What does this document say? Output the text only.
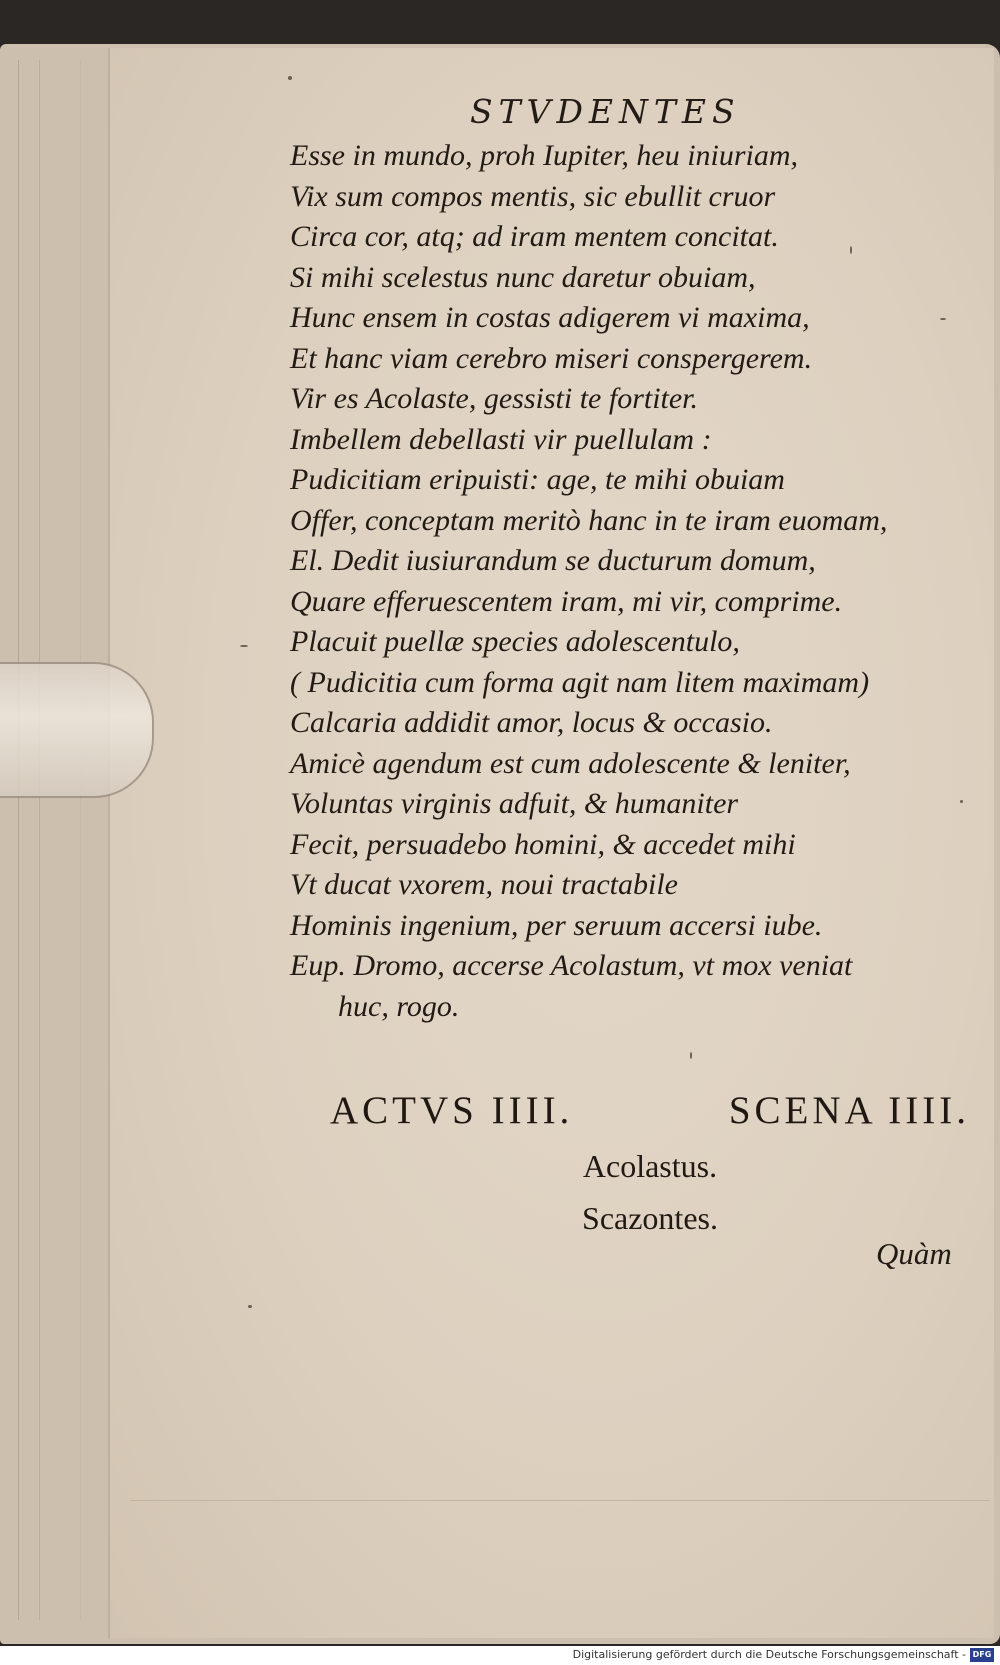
STVDENTES
Esse in mundo, proh Iupiter, heu iniuriam,
Vix sum compos mentis, sic ebullit cruor
Circa cor, atq; ad iram mentem concitat.
Si mihi scelestus nunc daretur obuiam,
Hunc ensem in costas adigerem vi maxima,
Et hanc viam cerebro miseri conspergerem.
Vir es Acolaste, gessisti te fortiter.
Imbellem debellasti vir puellulam :
Pudicitiam eripuisti: age, te mihi obuiam
Offer, conceptam meritò hanc in te iram euomam,
El. Dedit iusiurandum se ducturum domum,
Quare efferuescentem iram, mi vir, comprime.
Placuit puellæ species adolescentulo,
( Pudicitia cum forma agit nam litem maximam)
Calcaria addidit amor, locus & occasio.
Amicè agendum est cum adolescente & leniter,
Voluntas virginis adfuit, & humaniter
Fecit, persuadebo homini, & accedet mihi
Vt ducat vxorem, noui tractabile
Hominis ingenium, per seruum accersi iube.
Eup. Dromo, accerse Acolastum, vt mox veniat
huc, rogo.
ACTVS IIII.	SCENA IIII.
Acolastus.
Scazontes.
Quàm
Digitalisierung gefördert durch die Deutsche Forschungsgemeinschaft - DFG
